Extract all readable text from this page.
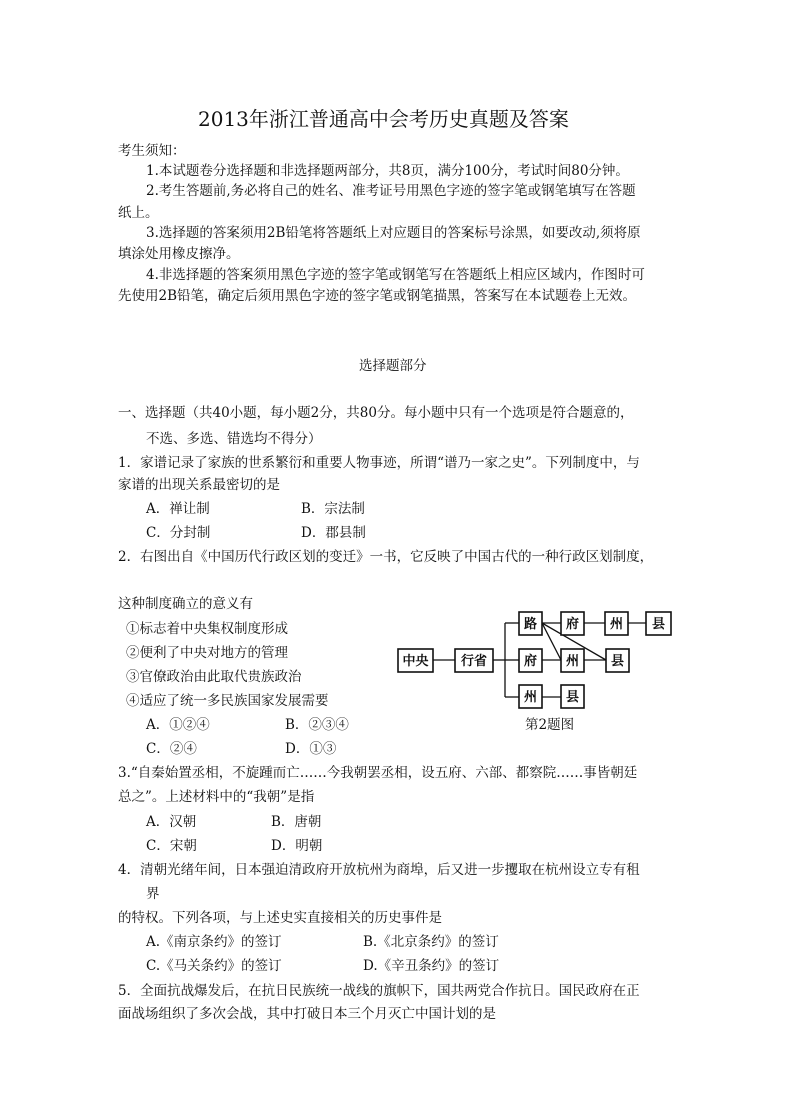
2013年浙江普通高中会考历史真题及答案
考生须知：
1.本试题卷分选择题和非选择题两部分，共8页，满分100分，考试时间80分钟。
2.考生答题前,务必将自己的姓名、准考证号用黑色字迹的签字笔或钢笔填写在答题
纸上。
3.选择题的答案须用2B铅笔将答题纸上对应题目的答案标号涂黑，如要改动,须将原
填涂处用橡皮擦净。
4.非选择题的答案须用黑色字迹的签字笔或钢笔写在答题纸上相应区域内，作图时可
先使用2B铅笔，确定后须用黑色字迹的签字笔或钢笔描黑，答案写在本试题卷上无效。
选择题部分
一、选择题（共40小题，每小题2分，共80分。每小题中只有一个选项是符合题意的，
不选、多选、错选均不得分）
1．家谱记录了家族的世系繁衍和重要人物事迹，所谓“谱乃一家之史”。下列制度中，与
家谱的出现关系最密切的是
A．禅让制	B．宗法制
C．分封制	D．郡县制
2．右图出自《中国历代行政区划的变迁》一书，它反映了中国古代的一种行政区划制度，
这种制度确立的意义有
①标志着中央集权制度形成
②便利了中央对地方的管理
③官僚政治由此取代贵族政治
④适应了统一多民族国家发展需要
A．①②④	B．②③④
C．②④	D．①③
中央 行省
路 府 州 县
府 州 县
州 县
第2题图
3.“自秦始置丞相，不旋踵而亡……今我朝罢丞相，设五府、六部、都察院……事皆朝廷
总之”。上述材料中的“我朝”是指
A．汉朝	B．唐朝
C．宋朝	D．明朝
4．清朝光绪年间，日本强迫清政府开放杭州为商埠，后又进一步攫取在杭州设立专有租
界
的特权。下列各项，与上述史实直接相关的历史事件是
A.《南京条约》的签订	B.《北京条约》的签订
C.《马关条约》的签订	D.《辛丑条约》的签订
5．全面抗战爆发后，在抗日民族统一战线的旗帜下，国共两党合作抗日。国民政府在正
面战场组织了多次会战，其中打破日本三个月灭亡中国计划的是
